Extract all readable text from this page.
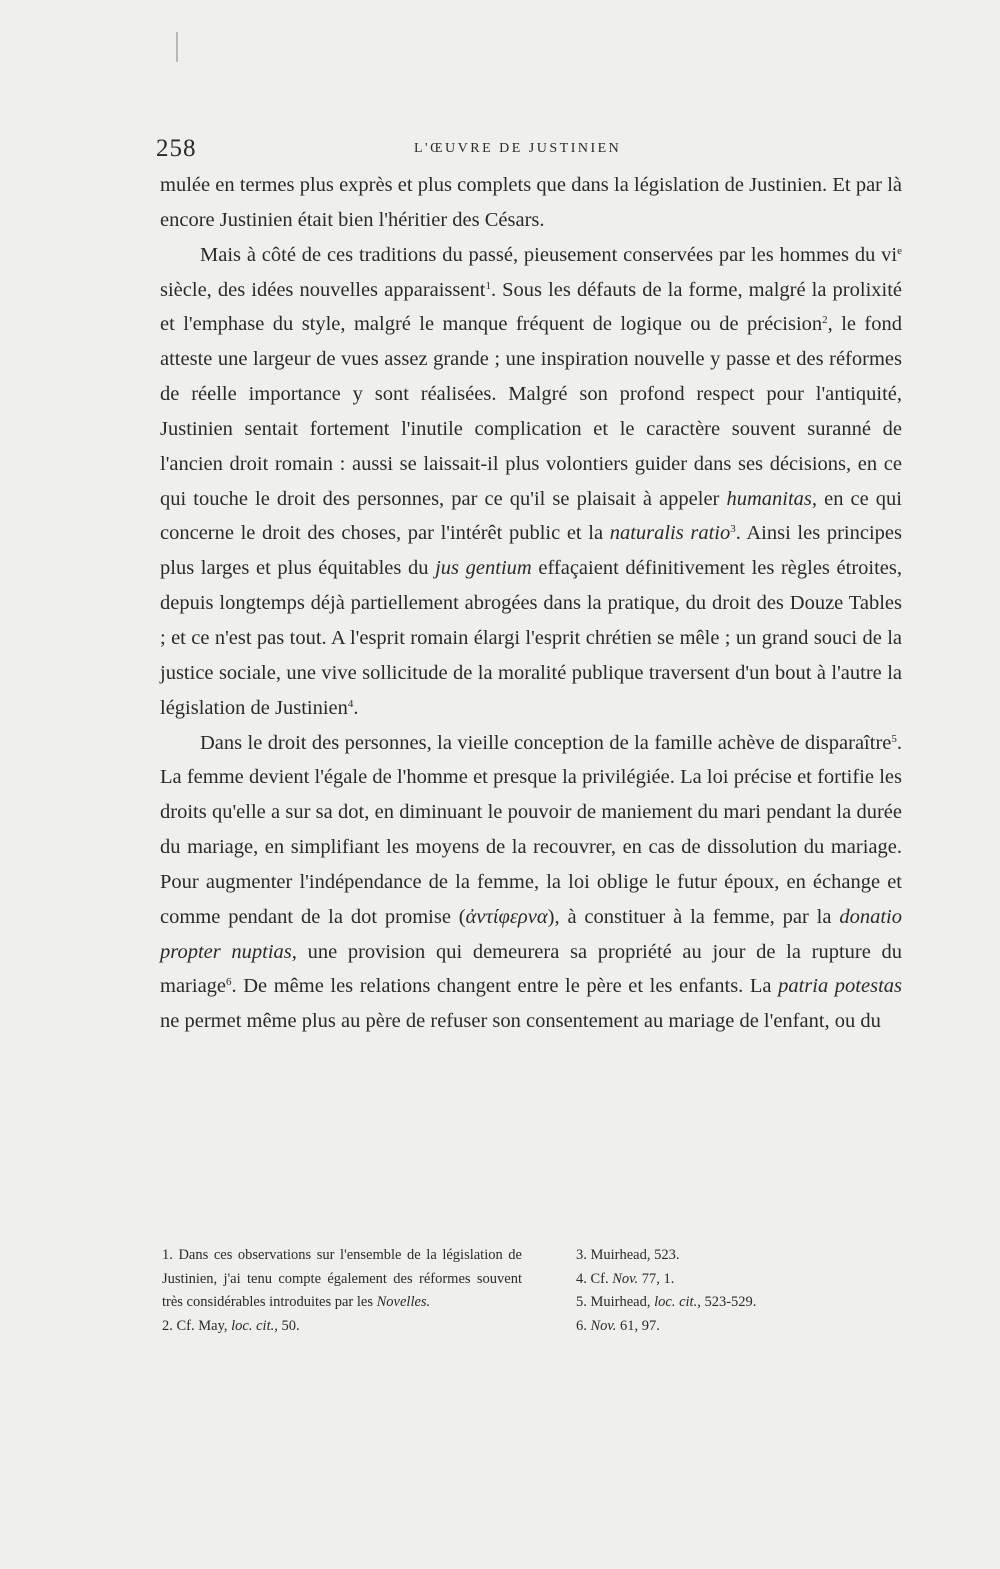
258	L'ŒUVRE DE JUSTINIEN

mulée en termes plus exprès et plus complets que dans la législation de Justinien. Et par là encore Justinien était bien l'héritier des Césars.

Mais à côté de ces traditions du passé, pieusement conservées par les hommes du $vi^e$ siècle, des idées nouvelles apparaissent$^1$. Sous les défauts de la forme, malgré la prolixité et l'emphase du style, malgré le manque fréquent de logique ou de précision$^2$, le fond atteste une largeur de vues assez grande ; une inspiration nouvelle y passe et des réformes de réelle importance y sont réalisées. Malgré son profond respect pour l'antiquité, Justinien sentait fortement l'inutile complication et le caractère souvent suranné de l'ancien droit romain : aussi se laissait-il plus volontiers guider dans ses décisions, en ce qui touche le droit des personnes, par ce qu'il se plaisait à appeler humanitas, en ce qui concerne le droit des choses, par l'intérêt public et la naturalis ratio$^3$. Ainsi les principes plus larges et plus équitables du jus gentium effaçaient définitivement les règles étroites, depuis longtemps déjà partiellement abrogées dans la pratique, du droit des Douze Tables ; et ce n'est pas tout. A l'esprit romain élargi l'esprit chrétien se mêle ; un grand souci de la justice sociale, une vive sollicitude de la moralité publique traversent d'un bout à l'autre la législation de Justinien$^4$.

Dans le droit des personnes, la vieille conception de la famille achève de disparaître$^5$. La femme devient l'égale de l'homme et presque la privilégiée. La loi précise et fortifie les droits qu'elle a sur sa dot, en diminuant le pouvoir de maniement du mari pendant la durée du mariage, en simplifiant les moyens de la recouvrer, en cas de dissolution du mariage. Pour augmenter l'indépendance de la femme, la loi oblige le futur époux, en échange et comme pendant de la dot promise (ἀντίφερνα), à constituer à la femme, par la donatio propter nuptias, une provision qui demeurera sa propriété au jour de la rupture du mariage$^6$. De même les relations changent entre le père et les enfants. La patria potestas ne permet même plus au père de refuser son consentement au mariage de l'enfant, ou du

1. Dans ces observations sur l'ensemble de la législation de Justinien, j'ai tenu compte également des réformes souvent très considérables introduites par les Novelles.

2. Cf. May, loc. cit., 50.

3. Muirhead, 523.

4. Cf. Nov. 77, 1.

5. Muirhead, loc. cit., 523-529.

6. Nov. 61, 97.
